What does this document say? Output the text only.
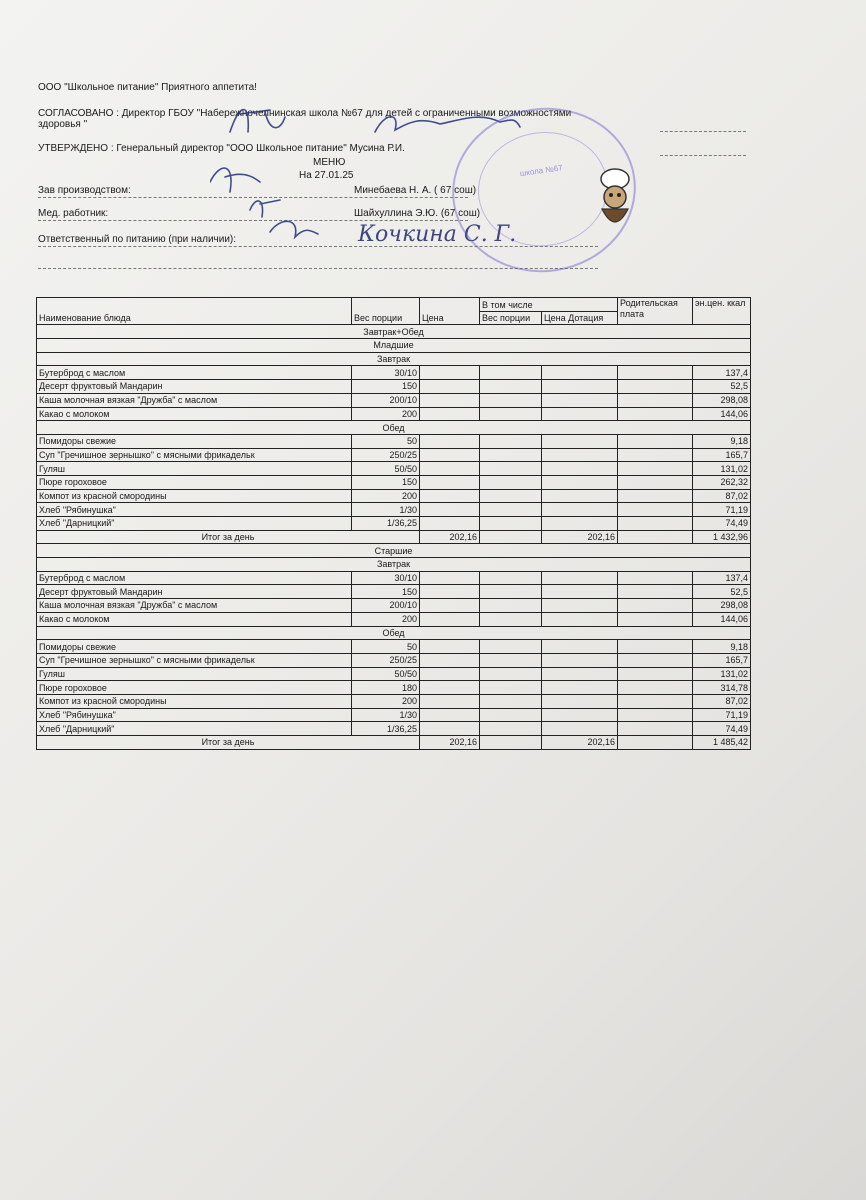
ООО "Школьное питание" Приятного аппетита!
СОГЛАСОВАНО : Директор ГБОУ "Набережночелнинская школа №67 для детей с ограниченными возможностями
здоровья "
УТВЕРЖДЕНО : Генеральный директор "ООО Школьное питание" Мусина Р.И.
МЕНЮ
На 27.01.25
Зав производством:	Минебаева Н. А. ( 67 сош)
Мед. работник:	Шайхуллина Э.Ю. (67 сош)
Ответственный по питанию (при наличии):	Кочкина С. Г.
школа №67
Наименование блюда	Вес порции	Цена	В том числе		Родительская плата	эн.цен. ккал
			Вес порции	Цена Дотация		
Завтрак+Обед						
Младшие						
Завтрак						
Бутерброд с маслом	30/10					137,4
Десерт фруктовый Мандарин	150					52,5
Каша молочная вязкая "Дружба" с маслом	200/10					298,08
Какао с молоком	200					144,06
Обед						
Помидоры свежие	50					9,18
Суп "Гречишное зернышко" с мясными фрикадельк	250/25					165,7
Гуляш	50/50					131,02
Пюре гороховое	150					262,32
Компот из красной смородины	200					87,02
Хлеб "Рябинушка"	1/30					71,19
Хлеб "Дарницкий"	1/36,25					74,49
Итог за день		202,16		202,16		1 432,96
Старшие						
Завтрак						
Бутерброд с маслом	30/10					137,4
Десерт фруктовый Мандарин	150					52,5
Каша молочная вязкая "Дружба" с маслом	200/10					298,08
Какао с молоком	200					144,06
Обед						
Помидоры свежие	50					9,18
Суп "Гречишное зернышко" с мясными фрикадельк	250/25					165,7
Гуляш	50/50					131,02
Пюре гороховое	180					314,78
Компот из красной смородины	200					87,02
Хлеб "Рябинушка"	1/30					71,19
Хлеб "Дарницкий"	1/36,25					74,49
Итог за день		202,16		202,16		1 485,42
